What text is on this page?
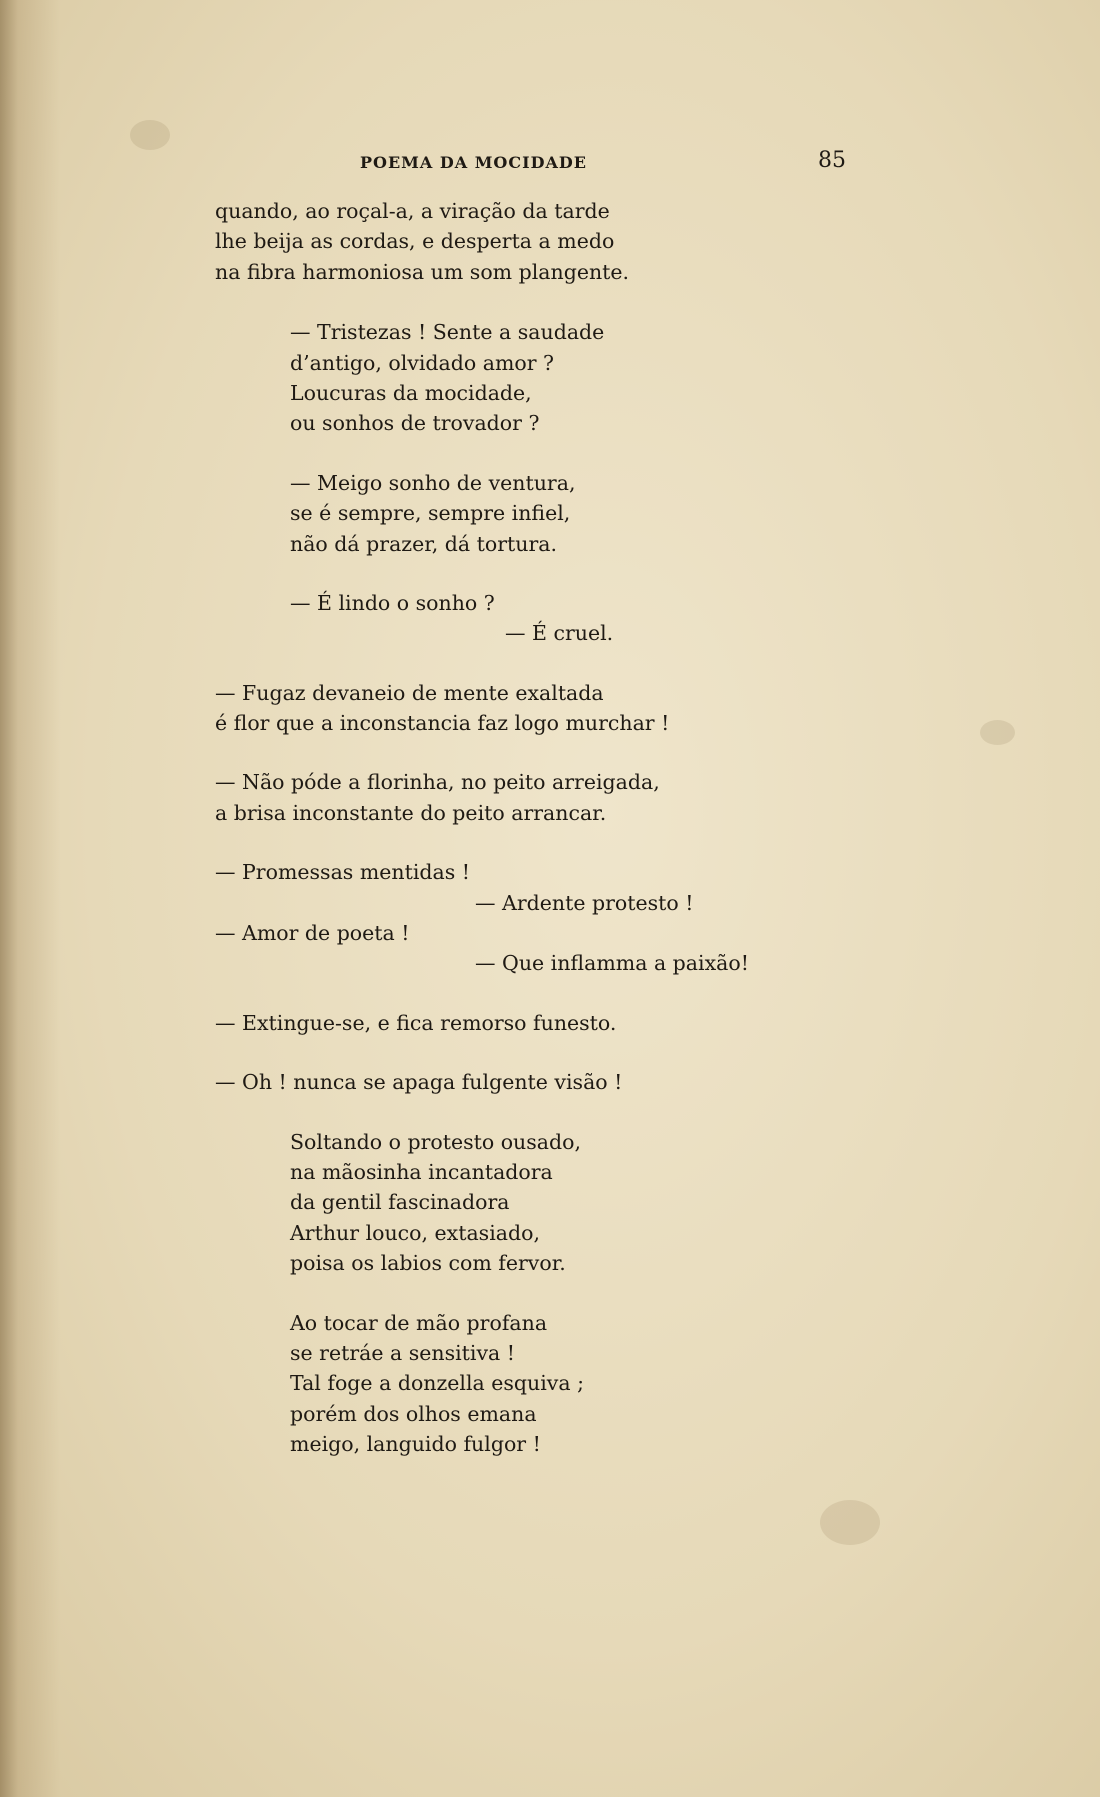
POEMA DA MOCIDADE	85
quando, ao roçal-a, a viração da tarde
lhe beija as cordas, e desperta a medo
na fibra harmoniosa um som plangente.
— Tristezas ! Sente a saudade
d’antigo, olvidado amor ?
Loucuras da mocidade,
ou sonhos de trovador ?
— Meigo sonho de ventura,
se é sempre, sempre infiel,
não dá prazer, dá tortura.
— É lindo o sonho ?
— É cruel.
— Fugaz devaneio de mente exaltada
é flor que a inconstancia faz logo murchar !
— Não póde a florinha, no peito arreigada,
a brisa inconstante do peito arrancar.
— Promessas mentidas !
— Ardente protesto !
— Amor de poeta !
— Que inflamma a paixão!
— Extingue-se, e fica remorso funesto.
— Oh ! nunca se apaga fulgente visão !
Soltando o protesto ousado,
na mãosinha incantadora
da gentil fascinadora
Arthur louco, extasiado,
poisa os labios com fervor.
Ao tocar de mão profana
se retráe a sensitiva !
Tal foge a donzella esquiva ;
porém dos olhos emana
meigo, languido fulgor !
